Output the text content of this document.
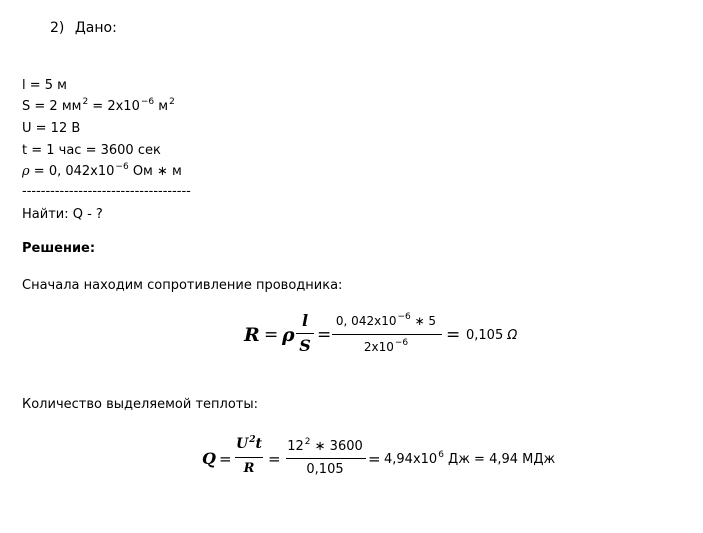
2) Дано:
l = 5 м
S = 2 $мм^2 = 2x10^{-6}$ $м^2$
U = 12 В
t = 1 час = 3600 сек
ρ = 0, $042x10^{-6}$ Ом ∗ м
------------------------------------
Найти: Q - ?
Решение:
Сначала находим сопротивление проводника:
R = ρ
l
S
=
0, $042x10^{-6}$ ∗ 5
$2x10^{-6}$	= 0,105 Ω
Количество выделяемой теплоты:
Q =
$U^2t$
R
=
$12^2$ ∗ 3600
0,105
= $4,94x10^6$ Дж = 4,94 МДж
